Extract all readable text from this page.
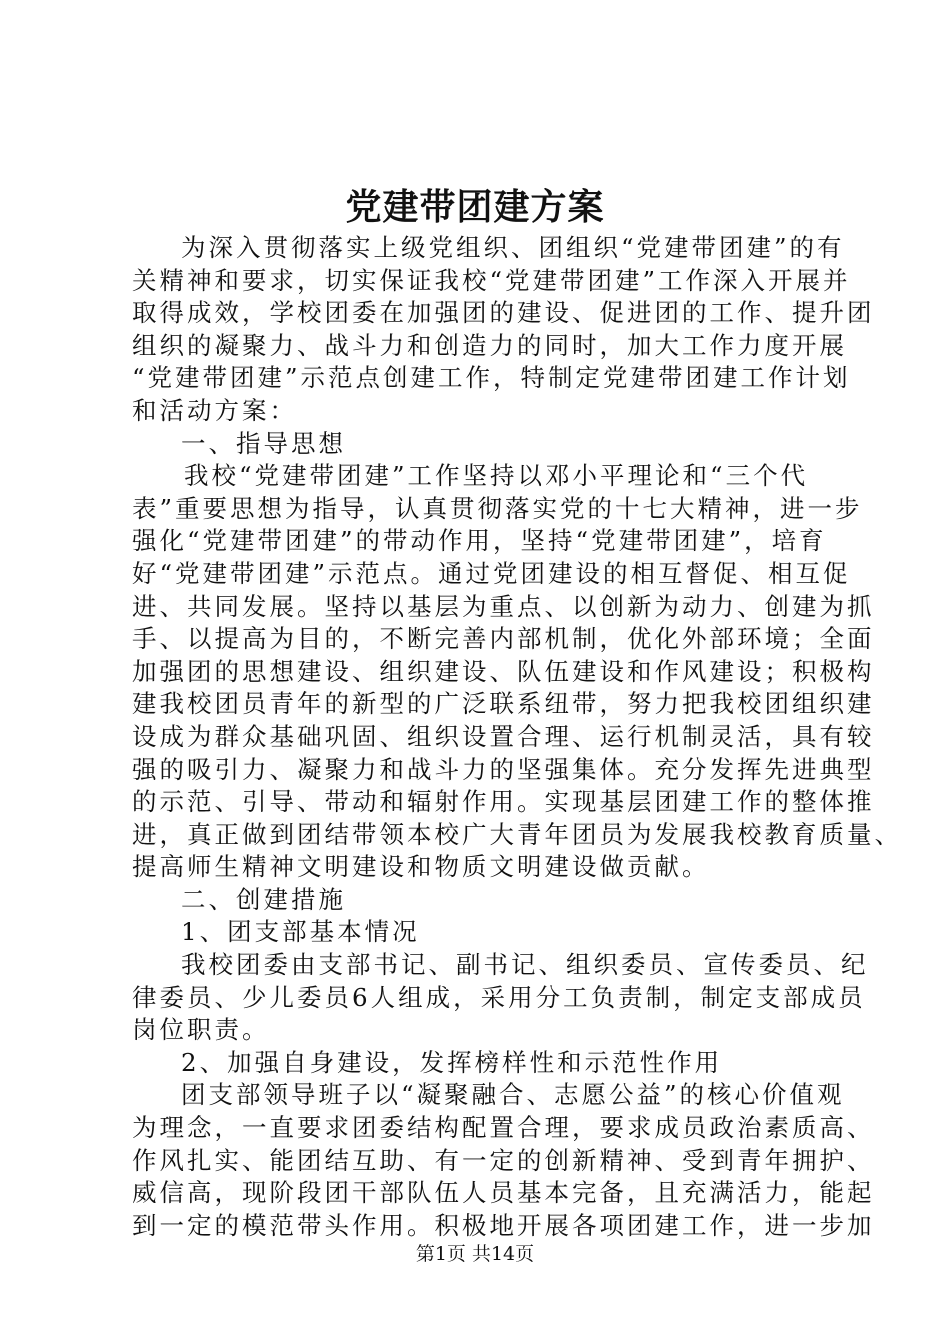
党建带团建方案
为深入贯彻落实上级党组织、团组织“党建带团建”的有
关精神和要求，切实保证我校“党建带团建”工作深入开展并
取得成效，学校团委在加强团的建设、促进团的工作、提升团
组织的凝聚力、战斗力和创造力的同时，加大工作力度开展
“党建带团建”示范点创建工作，特制定党建带团建工作计划
和活动方案：
一、指导思想
我校“党建带团建”工作坚持以邓小平理论和“三个代
表”重要思想为指导，认真贯彻落实党的十七大精神，进一步
强化“党建带团建”的带动作用，坚持“党建带团建”，培育
好“党建带团建”示范点。通过党团建设的相互督促、相互促
进、共同发展。坚持以基层为重点、以创新为动力、创建为抓
手、以提高为目的，不断完善内部机制，优化外部环境；全面
加强团的思想建设、组织建设、队伍建设和作风建设；积极构
建我校团员青年的新型的广泛联系纽带，努力把我校团组织建
设成为群众基础巩固、组织设置合理、运行机制灵活，具有较
强的吸引力、凝聚力和战斗力的坚强集体。充分发挥先进典型
的示范、引导、带动和辐射作用。实现基层团建工作的整体推
进，真正做到团结带领本校广大青年团员为发展我校教育质量、
提高师生精神文明建设和物质文明建设做贡献。
二、创建措施
1、团支部基本情况
我校团委由支部书记、副书记、组织委员、宣传委员、纪
律委员、少儿委员6人组成，采用分工负责制，制定支部成员
岗位职责。
2、加强自身建设，发挥榜样性和示范性作用
团支部领导班子以“凝聚融合、志愿公益”的核心价值观
为理念，一直要求团委结构配置合理，要求成员政治素质高、
作风扎实、能团结互助、有一定的创新精神、受到青年拥护、
威信高，现阶段团干部队伍人员基本完备，且充满活力，能起
到一定的模范带头作用。积极地开展各项团建工作，进一步加
第1页 共14页
